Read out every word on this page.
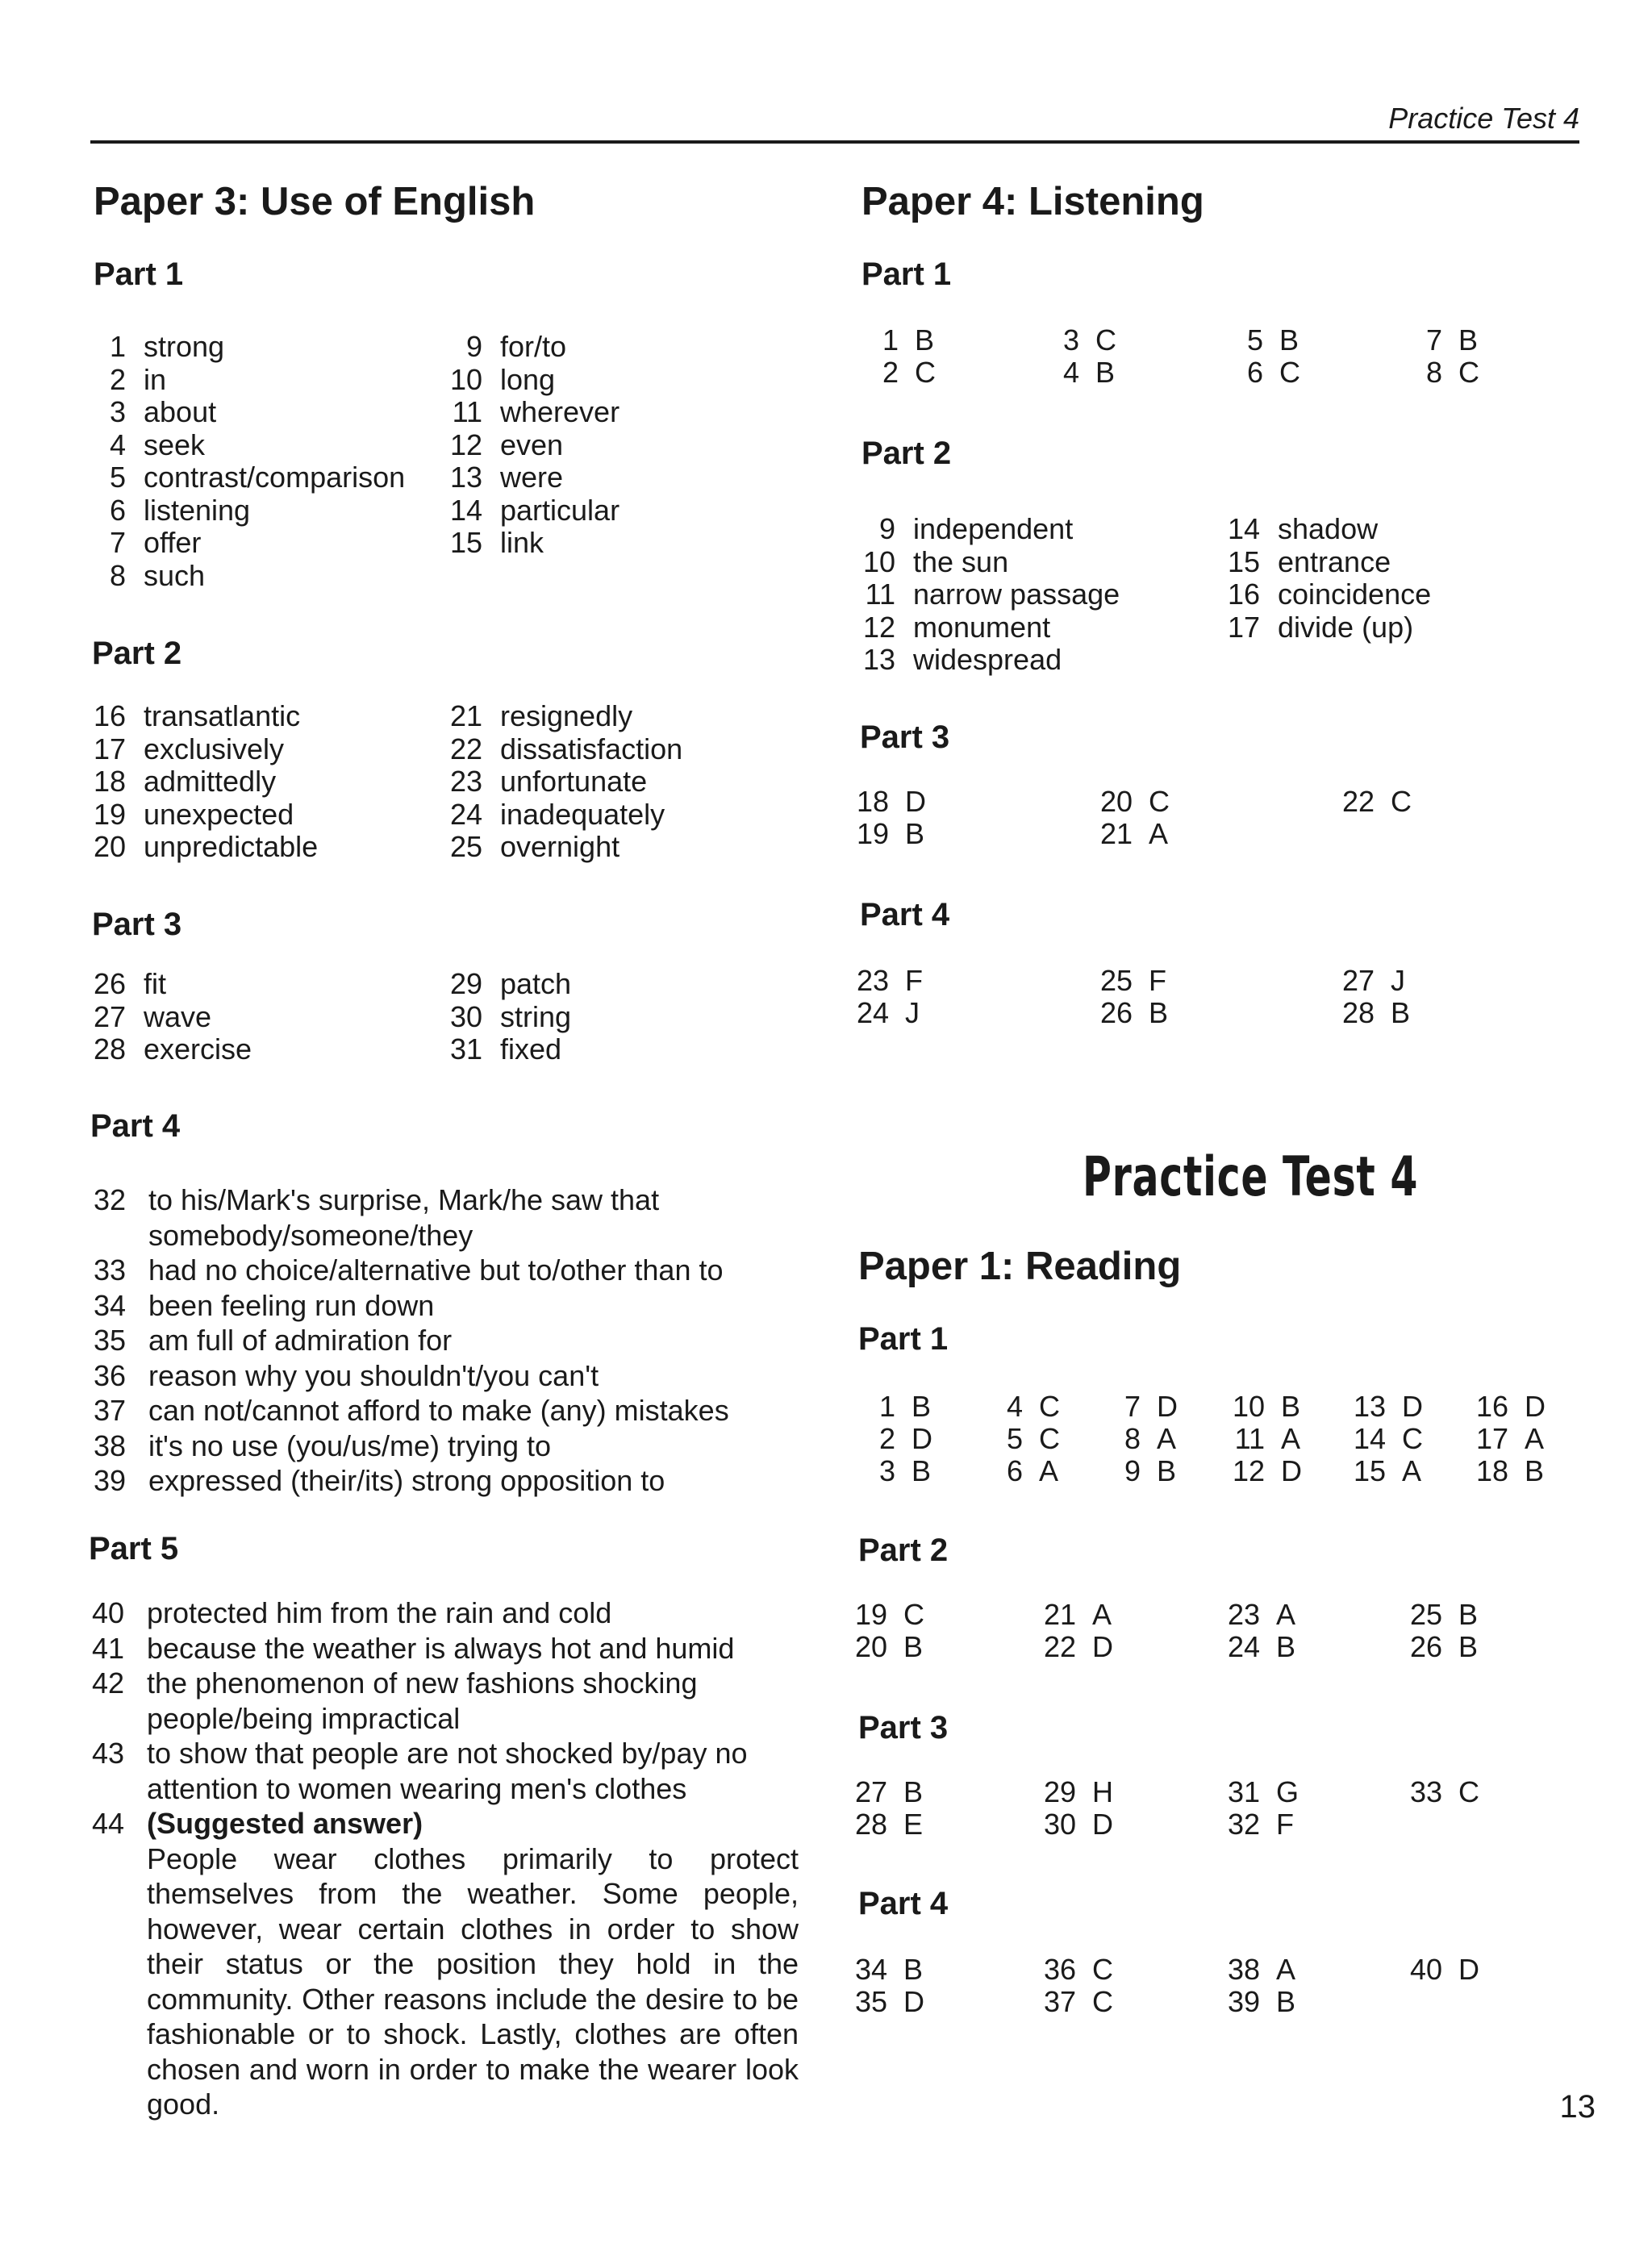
Practice Test 4
Paper 3: Use of English
Part 1
1 strong
2 in
3 about
4 seek
5 contrast/comparison
6 listening
7 offer
8 such
9 for/to
10 long
11 wherever
12 even
13 were
14 particular
15 link
Part 2
16 transatlantic
17 exclusively
18 admittedly
19 unexpected
20 unpredictable
21 resignedly
22 dissatisfaction
23 unfortunate
24 inadequately
25 overnight
Part 3
26 fit
27 wave
28 exercise
29 patch
30 string
31 fixed
Part 4
32 to his/Mark's surprise, Mark/he saw that somebody/someone/they
33 had no choice/alternative but to/other than to
34 been feeling run down
35 am full of admiration for
36 reason why you shouldn't/you can't
37 can not/cannot afford to make (any) mistakes
38 it's no use (you/us/me) trying to
39 expressed (their/its) strong opposition to
Part 5
40 protected him from the rain and cold
41 because the weather is always hot and humid
42 the phenomenon of new fashions shocking people/being impractical
43 to show that people are not shocked by/pay no attention to women wearing men's clothes
44 (Suggested answer)

People wear clothes primarily to protect themselves from the weather. Some people, however, wear certain clothes in order to show their status or the position they hold in the community. Other reasons include the desire to be fashionable or to shock. Lastly, clothes are often chosen and worn in order to make the wearer look good.
Paper 4: Listening
Part 1
1 B
2 C
3 C
4 B
5 B
6 C
7 B
8 C
Part 2
9 independent
10 the sun
11 narrow passage
12 monument
13 widespread
14 shadow
15 entrance
16 coincidence
17 divide (up)
Part 3
18 D
19 B
20 C
21 A
22 C
Part 4
23 F
24 J
25 F
26 B
27 J
28 B
Practice Test 4
Paper 1: Reading
Part 1
1 B
2 D
3 B
4 C
5 C
6 A
7 D
8 A
9 B
10 B
11 A
12 D
13 D
14 C
15 A
16 D
17 A
18 B
Part 2
19 C
20 B
21 A
22 D
23 A
24 B
25 B
26 B
Part 3
27 B
28 E
29 H
30 D
31 G
32 F
33 C
Part 4
34 B
35 D
36 C
37 C
38 A
39 B
40 D
13
